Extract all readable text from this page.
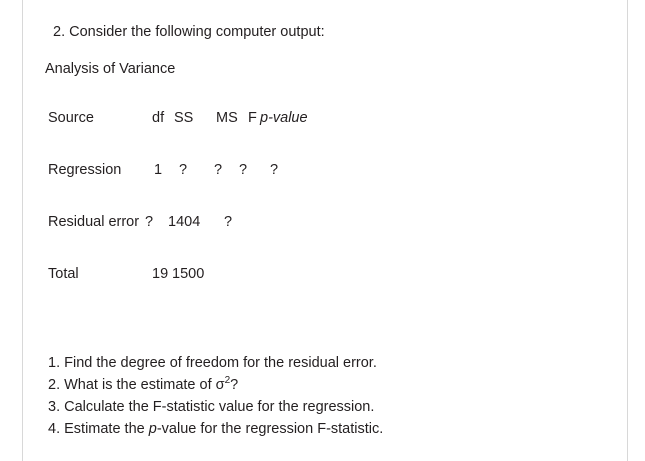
2. Consider the following computer output:
Analysis of Variance
Source	df SS MS F p-value
Regression 1 ? ? ? ?
Residual error ? 1404 ?
Total	19 1500
1. Find the degree of freedom for the residual error.
2. What is the estimate of $\sigma^2$?
3. Calculate the F-statistic value for the regression.
4. Estimate the p-value for the regression F-statistic.
